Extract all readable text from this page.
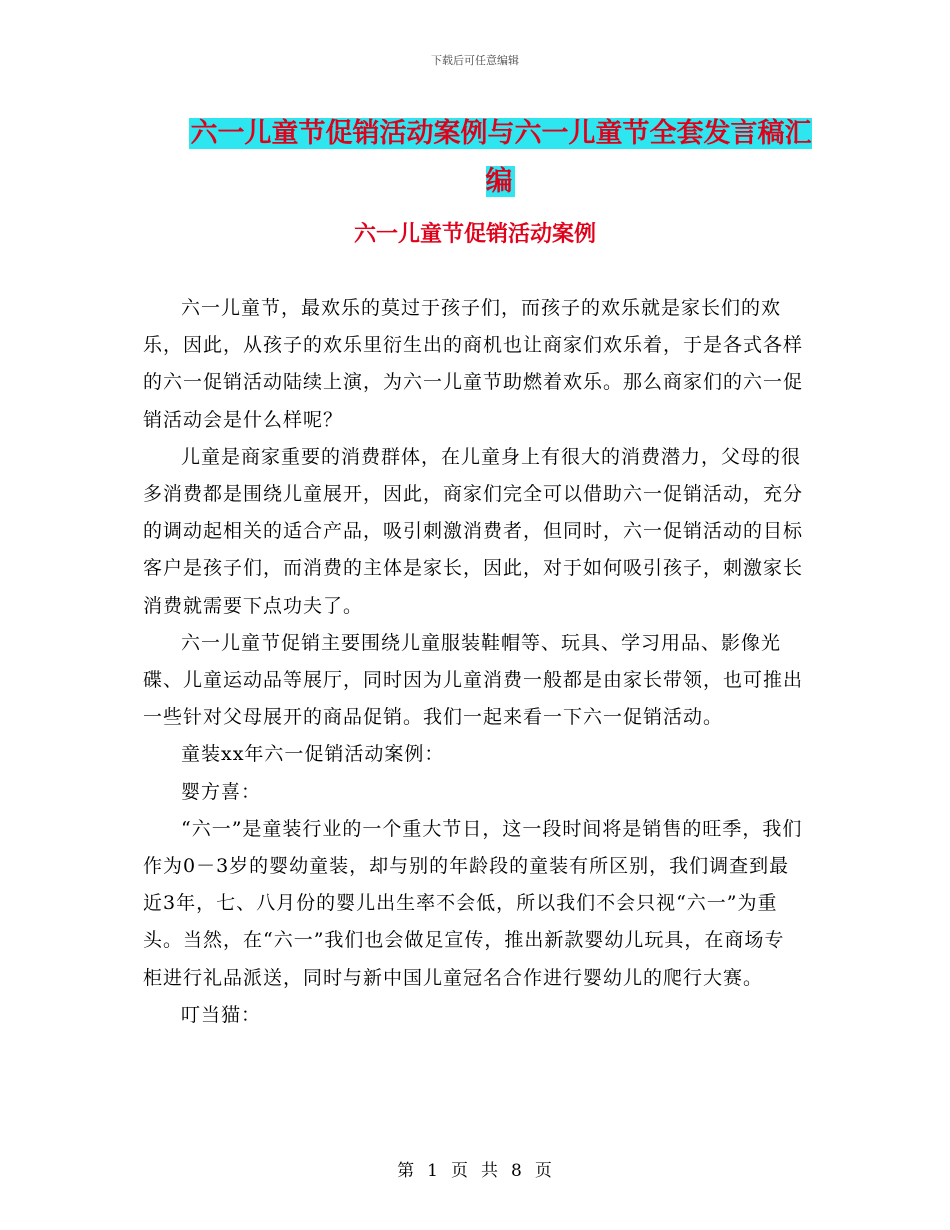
下载后可任意编辑
六一儿童节促销活动案例与六一儿童节全套发言稿汇编
六一儿童节促销活动案例

六一儿童节，最欢乐的莫过于孩子们，而孩子的欢乐就是家长们的欢乐，因此，从孩子的欢乐里衍生出的商机也让商家们欢乐着，于是各式各样的六一促销活动陆续上演，为六一儿童节助燃着欢乐。那么商家们的六一促销活动会是什么样呢？

儿童是商家重要的消费群体，在儿童身上有很大的消费潜力，父母的很多消费都是围绕儿童展开，因此，商家们完全可以借助六一促销活动，充分的调动起相关的适合产品，吸引刺激消费者，但同时，六一促销活动的目标客户是孩子们，而消费的主体是家长，因此，对于如何吸引孩子，刺激家长消费就需要下点功夫了。

六一儿童节促销主要围绕儿童服装鞋帽等、玩具、学习用品、影像光碟、儿童运动品等展厅，同时因为儿童消费一般都是由家长带领，也可推出一些针对父母展开的商品促销。我们一起来看一下六一促销活动。

童装xx年六一促销活动案例：

婴方喜：

“六一”是童装行业的一个重大节日，这一段时间将是销售的旺季，我们作为0－3岁的婴幼童装，却与别的年龄段的童装有所区别，我们调查到最近3年，七、八月份的婴儿出生率不会低，所以我们不会只视“六一”为重头。当然，在“六一”我们也会做足宣传，推出新款婴幼儿玩具，在商场专柜进行礼品派送，同时与新中国儿童冠名合作进行婴幼儿的爬行大赛。

叮当猫：

第 1 页 共 8 页
